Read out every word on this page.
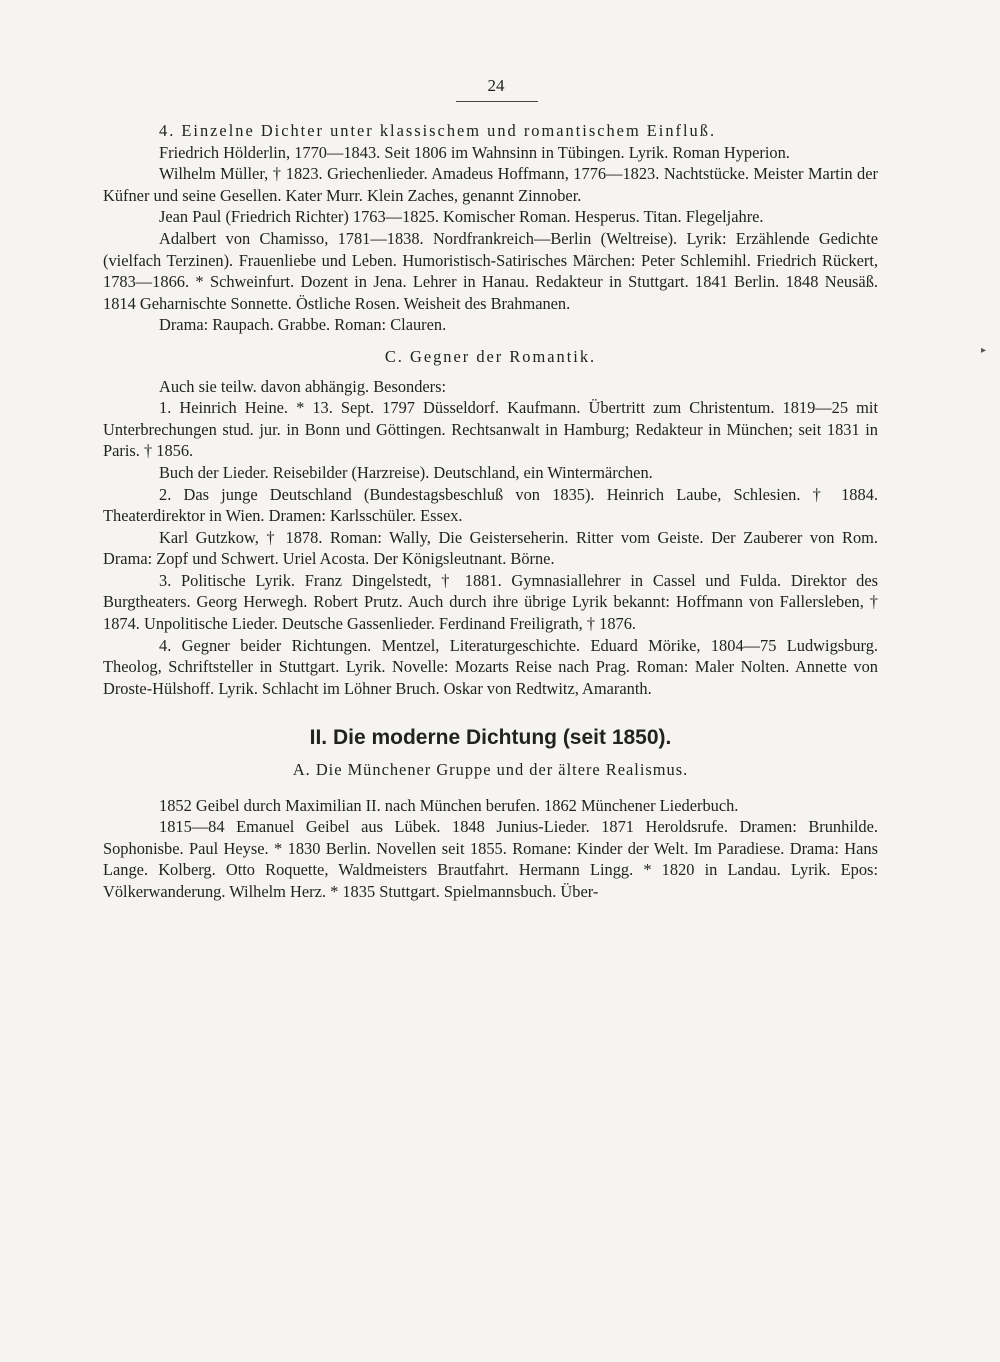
24

4. Einzelne Dichter unter klassischem und romantischem Einfluß.

Friedrich Hölderlin, 1770—1843. Seit 1806 im Wahnsinn in Tübingen. Lyrik. Roman Hyperion.

Wilhelm Müller, † 1823. Griechenlieder. Amadeus Hoffmann, 1776—1823. Nachtstücke. Meister Martin der Küfner und seine Gesellen. Kater Murr. Klein Zaches, genannt Zinnober.

Jean Paul (Friedrich Richter) 1763—1825. Komischer Roman. Hesperus. Titan. Flegeljahre.

Adalbert von Chamisso, 1781—1838. Nordfrankreich—Berlin (Weltreise). Lyrik: Erzählende Gedichte (vielfach Terzinen). Frauenliebe und Leben. Humoristisch-Satirisches Märchen: Peter Schlemihl. Friedrich Rückert, 1783—1866. * Schweinfurt. Dozent in Jena. Lehrer in Hanau. Redakteur in Stuttgart. 1841 Berlin. 1848 Neusäß. 1814 Geharnischte Sonnette. Östliche Rosen. Weisheit des Brahmanen.

Drama: Raupach. Grabbe. Roman: Clauren.

C. Gegner der Romantik.

Auch sie teilw. davon abhängig. Besonders:

1. Heinrich Heine. * 13. Sept. 1797 Düsseldorf. Kaufmann. Übertritt zum Christentum. 1819—25 mit Unterbrechungen stud. jur. in Bonn und Göttingen. Rechtsanwalt in Hamburg; Redakteur in München; seit 1831 in Paris. † 1856.

Buch der Lieder. Reisebilder (Harzreise). Deutschland, ein Wintermärchen.

2. Das junge Deutschland (Bundestagsbeschluß von 1835). Heinrich Laube, Schlesien. † 1884. Theaterdirektor in Wien. Dramen: Karlsschüler. Essex.

Karl Gutzkow, † 1878. Roman: Wally, Die Geisterseherin. Ritter vom Geiste. Der Zauberer von Rom. Drama: Zopf und Schwert. Uriel Acosta. Der Königsleutnant. Börne.

3. Politische Lyrik. Franz Dingelstedt, † 1881. Gymnasiallehrer in Cassel und Fulda. Direktor des Burgtheaters. Georg Herwegh. Robert Prutz. Auch durch ihre übrige Lyrik bekannt: Hoffmann von Fallersleben, † 1874. Unpolitische Lieder. Deutsche Gassenlieder. Ferdinand Freiligrath, † 1876.

4. Gegner beider Richtungen. Mentzel, Literaturgeschichte. Eduard Mörike, 1804—75 Ludwigsburg. Theolog, Schriftsteller in Stuttgart. Lyrik. Novelle: Mozarts Reise nach Prag. Roman: Maler Nolten. Annette von Droste-Hülshoff. Lyrik. Schlacht im Löhner Bruch. Oskar von Redtwitz, Amaranth.

II. Die moderne Dichtung (seit 1850).

A. Die Münchener Gruppe und der ältere Realismus.

1852 Geibel durch Maximilian II. nach München berufen. 1862 Münchener Liederbuch.

1815—84 Emanuel Geibel aus Lübek. 1848 Junius-Lieder. 1871 Heroldsrufe. Dramen: Brunhilde. Sophonisbe. Paul Heyse. * 1830 Berlin. Novellen seit 1855. Romane: Kinder der Welt. Im Paradiese. Drama: Hans Lange. Kolberg. Otto Roquette, Waldmeisters Brautfahrt. Hermann Lingg. * 1820 in Landau. Lyrik. Epos: Völkerwanderung. Wilhelm Herz. * 1835 Stuttgart. Spielmannsbuch. Über-

▸
